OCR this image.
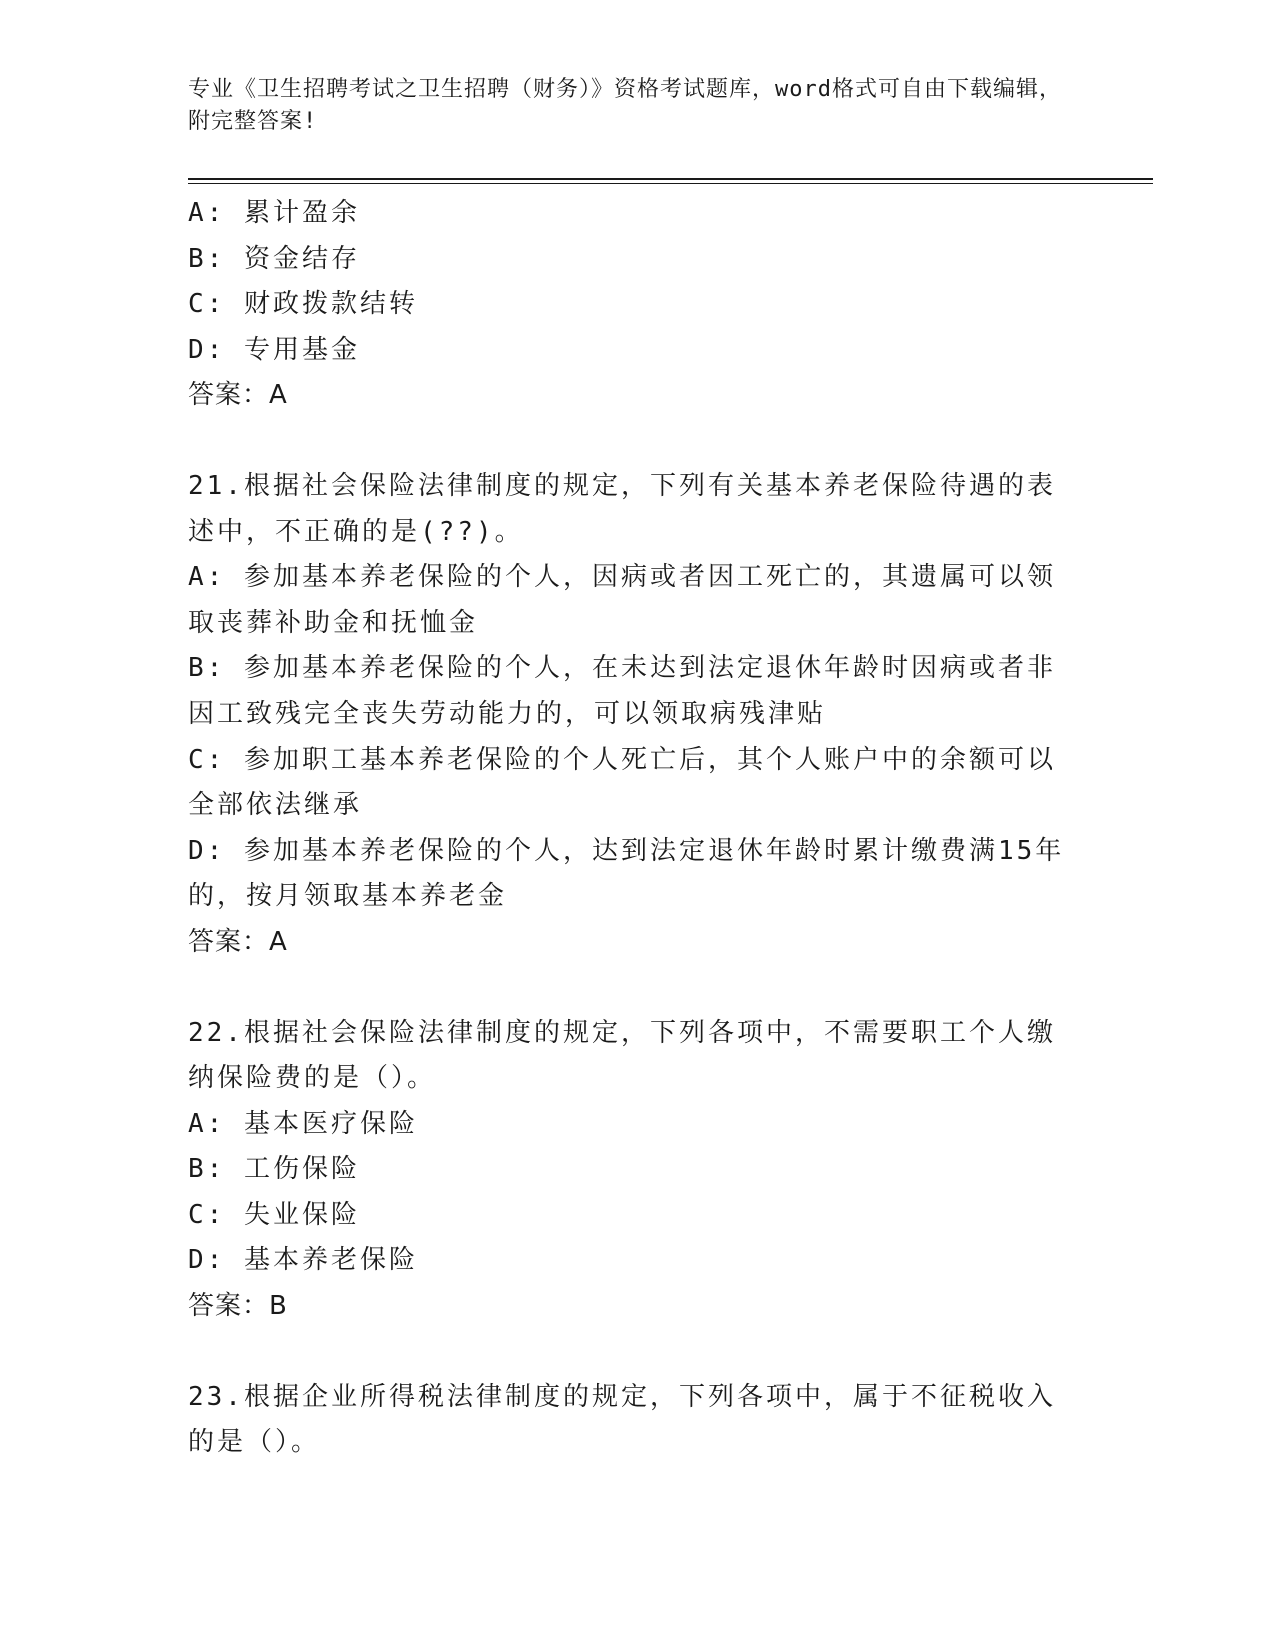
专业《卫生招聘考试之卫生招聘（财务）》资格考试题库，word格式可自由下载编辑，附完整答案!

A: 累计盈余

B: 资金结存

C: 财政拨款结转

D: 专用基金

答案：A

21.根据社会保险法律制度的规定，下列有关基本养老保险待遇的表述中，不正确的是(??)。

A: 参加基本养老保险的个人，因病或者因工死亡的，其遗属可以领取丧葬补助金和抚恤金

B: 参加基本养老保险的个人，在未达到法定退休年龄时因病或者非因工致残完全丧失劳动能力的，可以领取病残津贴

C: 参加职工基本养老保险的个人死亡后，其个人账户中的余额可以全部依法继承

D: 参加基本养老保险的个人，达到法定退休年龄时累计缴费满15年的，按月领取基本养老金

答案：A

22.根据社会保险法律制度的规定，下列各项中，不需要职工个人缴纳保险费的是（）。

A: 基本医疗保险

B: 工伤保险

C: 失业保险

D: 基本养老保险

答案：B

23.根据企业所得税法律制度的规定，下列各项中，属于不征税收入的是（）。
